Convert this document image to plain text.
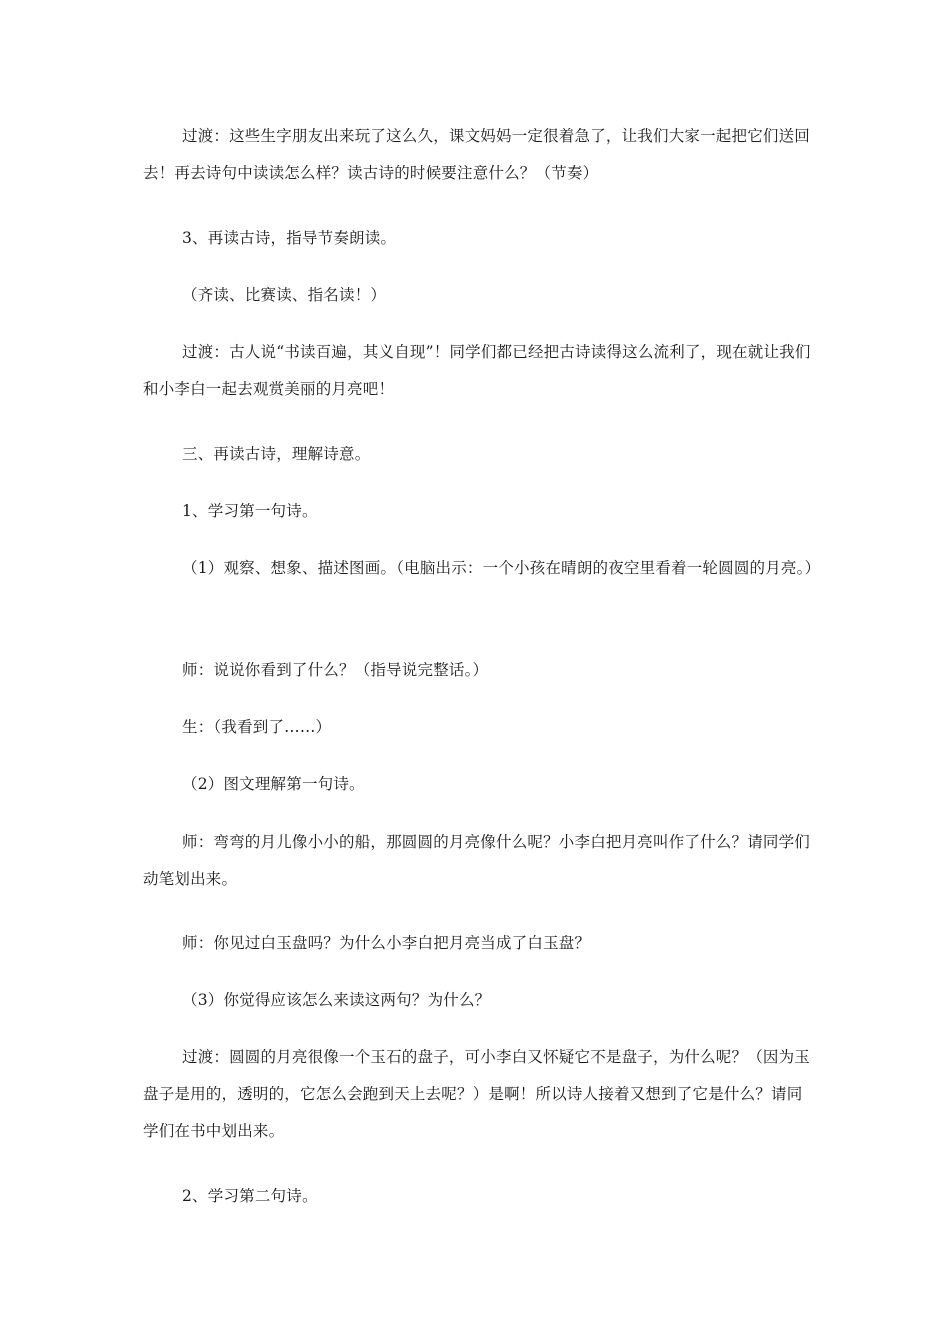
过渡：这些生字朋友出来玩了这么久，课文妈妈一定很着急了，让我们大家一起把它们送回去！再去诗句中读读怎么样？读古诗的时候要注意什么？（节奏）

3、再读古诗，指导节奏朗读。

（齐读、比赛读、指名读！）

过渡：古人说“书读百遍，其义自现”！同学们都已经把古诗读得这么流利了，现在就让我们和小李白一起去观赏美丽的月亮吧！

三、再读古诗，理解诗意。

1、学习第一句诗。

（1）观察、想象、描述图画。（电脑出示：一个小孩在晴朗的夜空里看着一轮圆圆的月亮。）

师：说说你看到了什么？（指导说完整话。）

生：（我看到了……）

（2）图文理解第一句诗。

师：弯弯的月儿像小小的船，那圆圆的月亮像什么呢？小李白把月亮叫作了什么？请同学们动笔划出来。

师：你见过白玉盘吗？为什么小李白把月亮当成了白玉盘？

（3）你觉得应该怎么来读这两句？为什么？

过渡：圆圆的月亮很像一个玉石的盘子，可小李白又怀疑它不是盘子，为什么呢？（因为玉盘子是用的，透明的，它怎么会跑到天上去呢？）是啊！所以诗人接着又想到了它是什么？请同学们在书中划出来。

2、学习第二句诗。
